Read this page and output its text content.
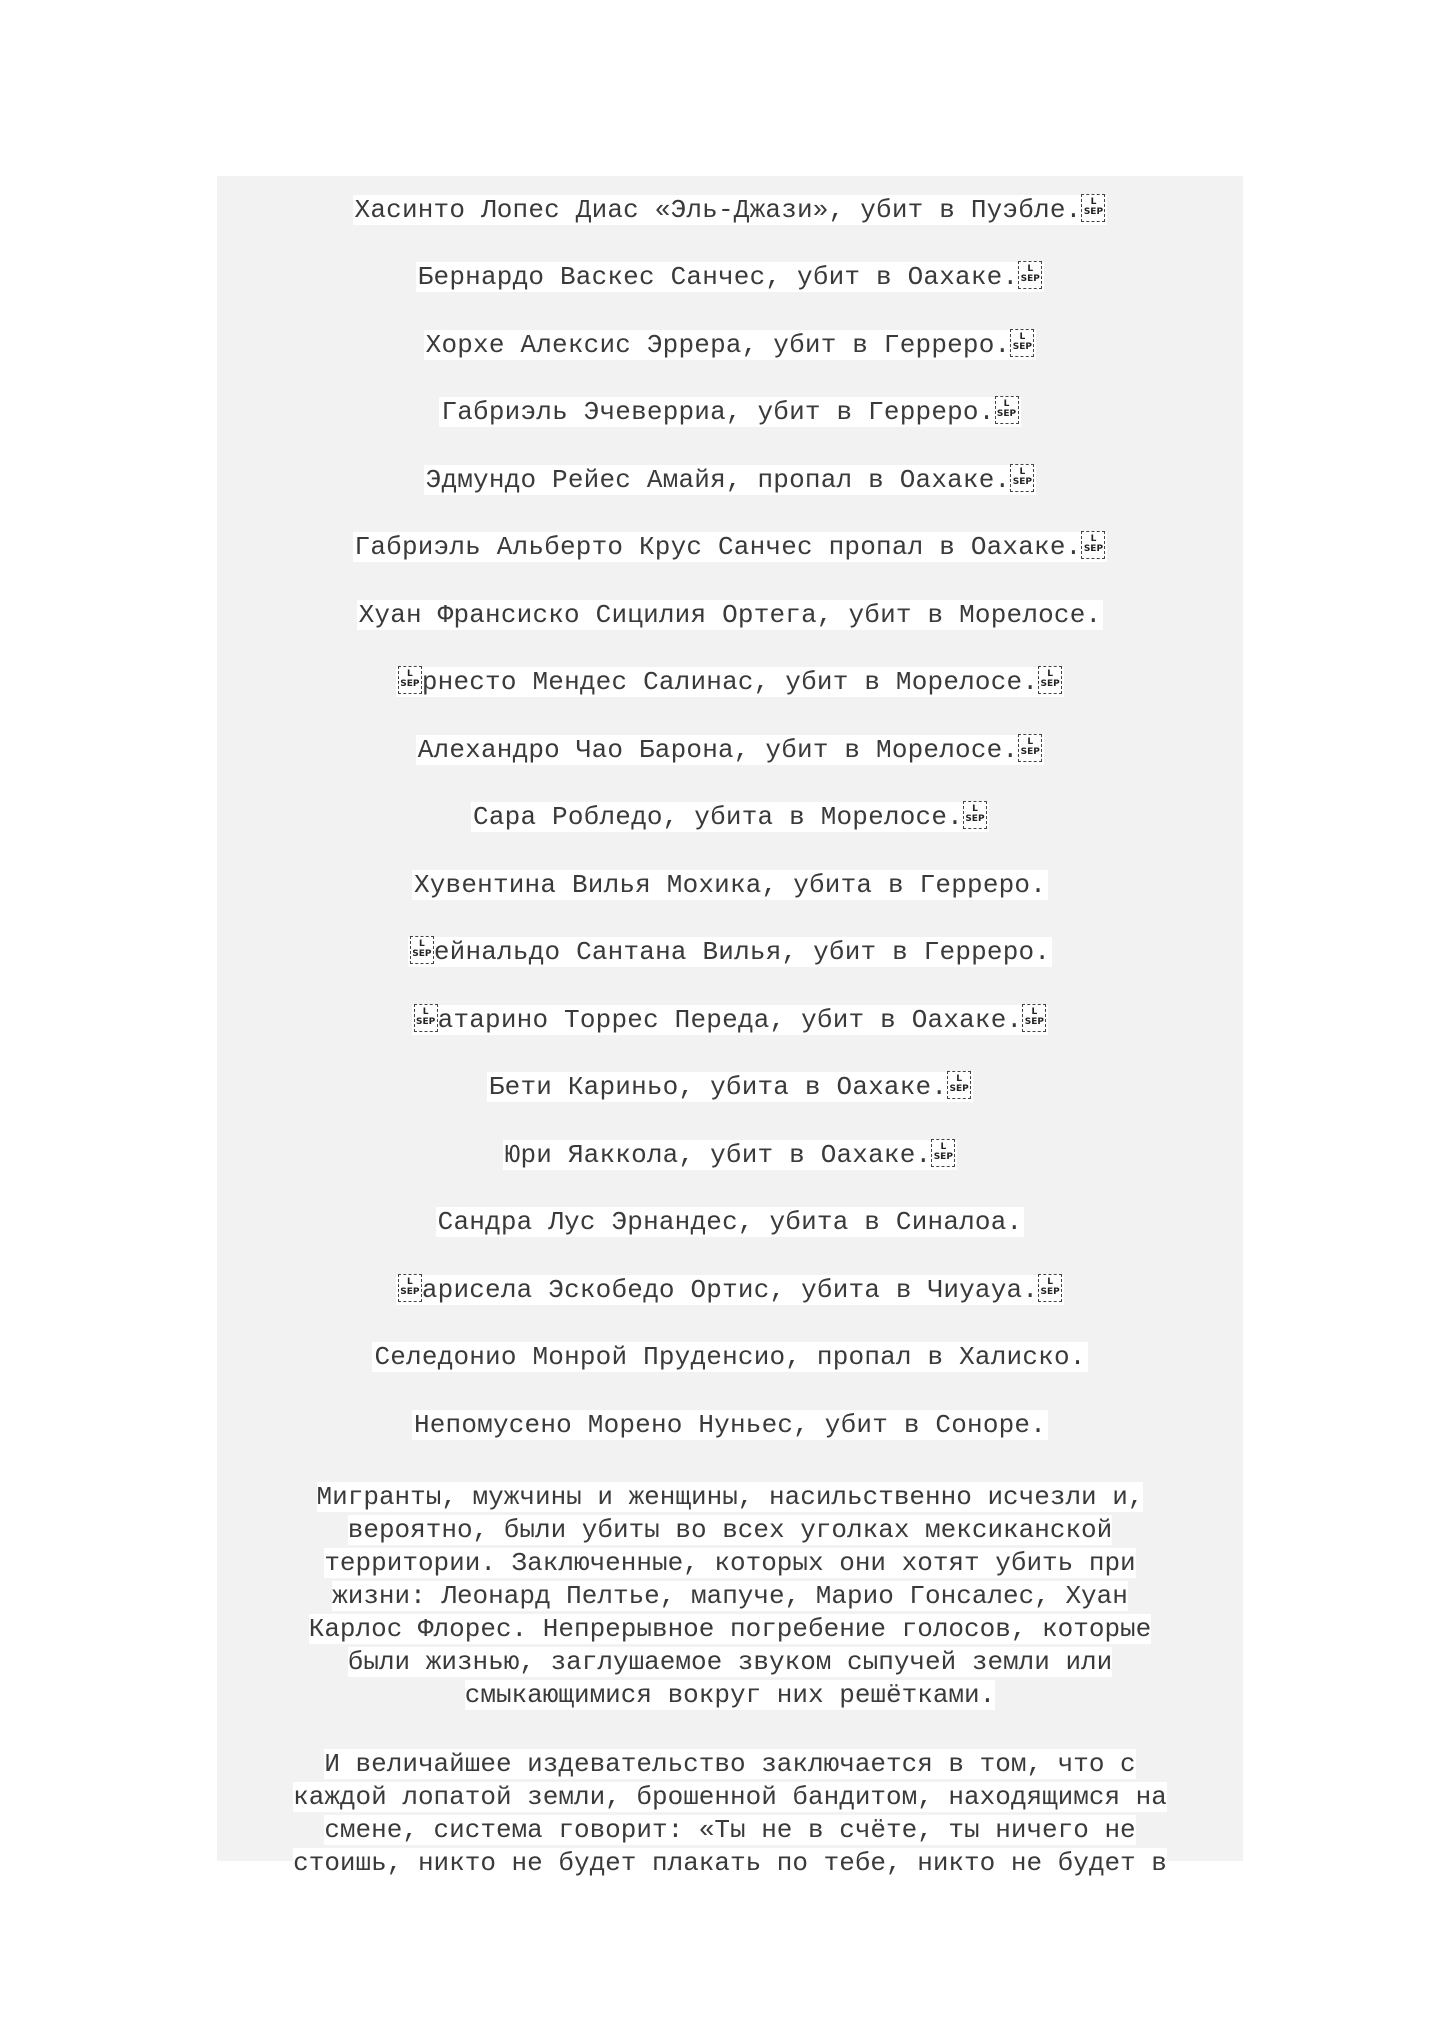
Хасинто Лопес Диас «Эль-Джази», убит в Пуэбле.	L
SEP
Бернардо Васкес Санчес, убит в Оахаке.	L
SEP
Хорхе Алексис Эррера, убит в Герреро.	L
SEP
Габриэль Эчеверриа, убит в Герреро.	L
SEP
Эдмундо Рейес Амайя, пропал в Оахаке.	L
SEP
Габриэль Альберто Крус Санчес пропал в Оахаке.	L
SEP
Хуан Франсиско Сицилия Ортега, убит в Морелосе.
L
SEP рнесто Мендес Салинас, убит в Морелосе.	L
SEP
Алехандро Чао Барона, убит в Морелосе.	L
SEP
Сара Робледо, убита в Морелосе.	L
SEP
Хувентина Вилья Мохика, убита в Герреро.
L
SEP ейнальдо Сантана Вилья, убит в Герреро.
L
SEP атарино Торрес Переда, убит в Оахаке.	L
SEP
Бети Кариньо, убита в Оахаке.	L
SEP
Юри Яаккола, убит в Оахаке.	L
SEP
Сандра Лус Эрнандес, убита в Синалоа.
L
SEP арисела Эскобедо Ортис, убита в Чиуауа.	L
SEP
Селедонио Монрой Пруденсио, пропал в Халиско.
Непомусено Морено Нуньес, убит в Соноре.
Мигранты, мужчины и женщины, насильственно исчезли и,
вероятно, были убиты во всех уголках мексиканской
территории. Заключенные, которых они хотят убить при
жизни: Леонард Пелтье, мапуче, Марио Гонсалес, Хуан
Карлос Флорес. Непрерывное погребение голосов, которые
были жизнью, заглушаемое звуком сыпучей земли или
смыкающимися вокруг них решётками.
И величайшее издевательство заключается в том, что с
каждой лопатой земли, брошенной бандитом, находящимся на
смене, система говорит: «Ты не в счёте, ты ничего не
стоишь, никто не будет плакать по тебе, никто не будет в
